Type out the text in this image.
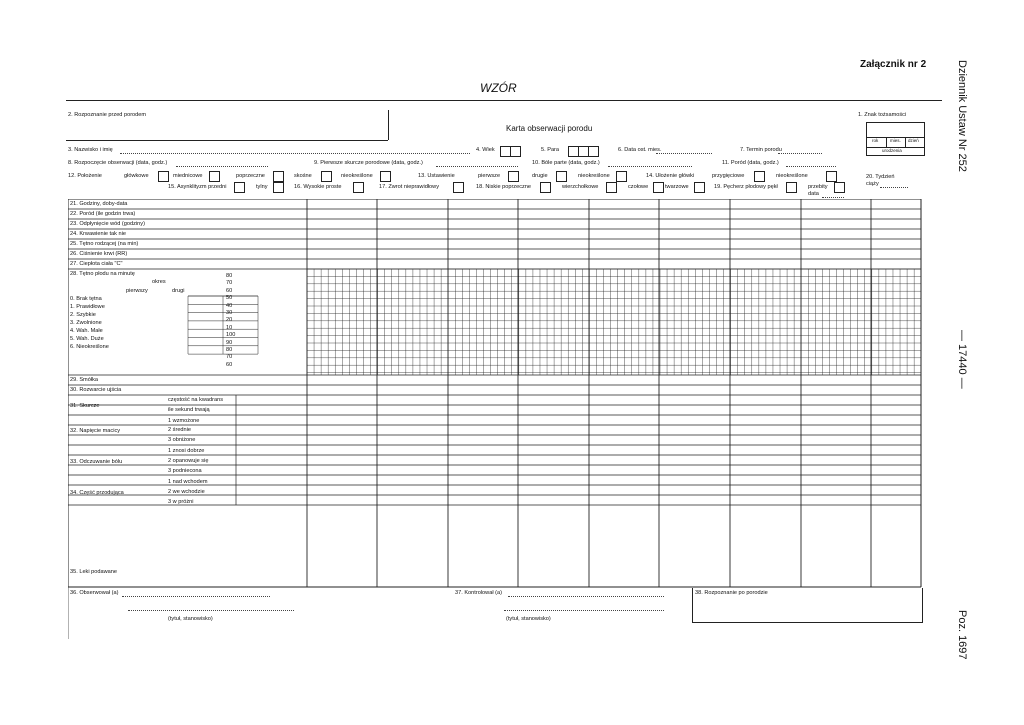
Załącznik nr 2
WZÓR	Dziennik Ustaw Nr 252
— 17440 —
Poz. 1697
2. Rozpoznanie przed porodem
Karta obserwacji porodu
1. Znak tożsamości
rok	mies. dzień
urodzenia
3. Nazwisko i imię	4. Wiek	5. Para	6. Data ost. mies.	7. Termin porodu
8. Rozpoczęcie obserwacji (data, godz.)	9. Pierwsze skurcze porodowe (data, godz.)	10. Bóle parte (data, godz.)	11. Poród (data, godz.)
12. Położenie	główkowe	miednicowe	poprzeczne	skośne	nieokreślone	13. Ustawienie	pierwsze	drugie	nieokreślone	14. Ułożenie główki	przygięciowe	nieokreślone	20. Tydzień
ciąży
15. Asynklityzm przedni	tylny	16. Wysokie proste	17. Zwrot nieprawidłowy	18. Niskie poprzeczne	wierzchołkowe	czołowe	twarzowe	19. Pęcherz płodowy pękł	przebity
data
21. Godziny, doby-data
22. Poród (ile godzin trwa)
23. Odpłynięcie wód (godziny)
24. Krwawienie tak nie
25. Tętno rodzącej (na min)
26. Ciśnienie krwi (RR)
27. Ciepłota ciała "C"
28. Tętno płodu na minutę
okres
pierwszy	drugi
0. Brak tętna
1. Prawidłowe
2. Szybkie
3. Zwolnione
4. Wah. Małe
5. Wah. Duże
6. Nieokreślone
80
70
60
50
40
30
20
10
100
90
80
70
60
29. Smółka
30. Rozwarcie ujścia
31. Skurcze
częstość na kwadrans
ile sekund trwają
32. Napięcie macicy
1 wzmożone
2 średnie
3 obniżone
33. Odczuwanie bólu
1 znosi dobrze
2 opanowuje się
3 podniecona
34. Część przodująca
1 nad wchodem
2 we wchodzie
3 w próżni
35. Leki podawane
36. Obserwował (a)
(tytuł, stanowisko)
37. Kontrolował (a)
(tytuł, stanowisko)
38. Rozpoznanie po porodzie
